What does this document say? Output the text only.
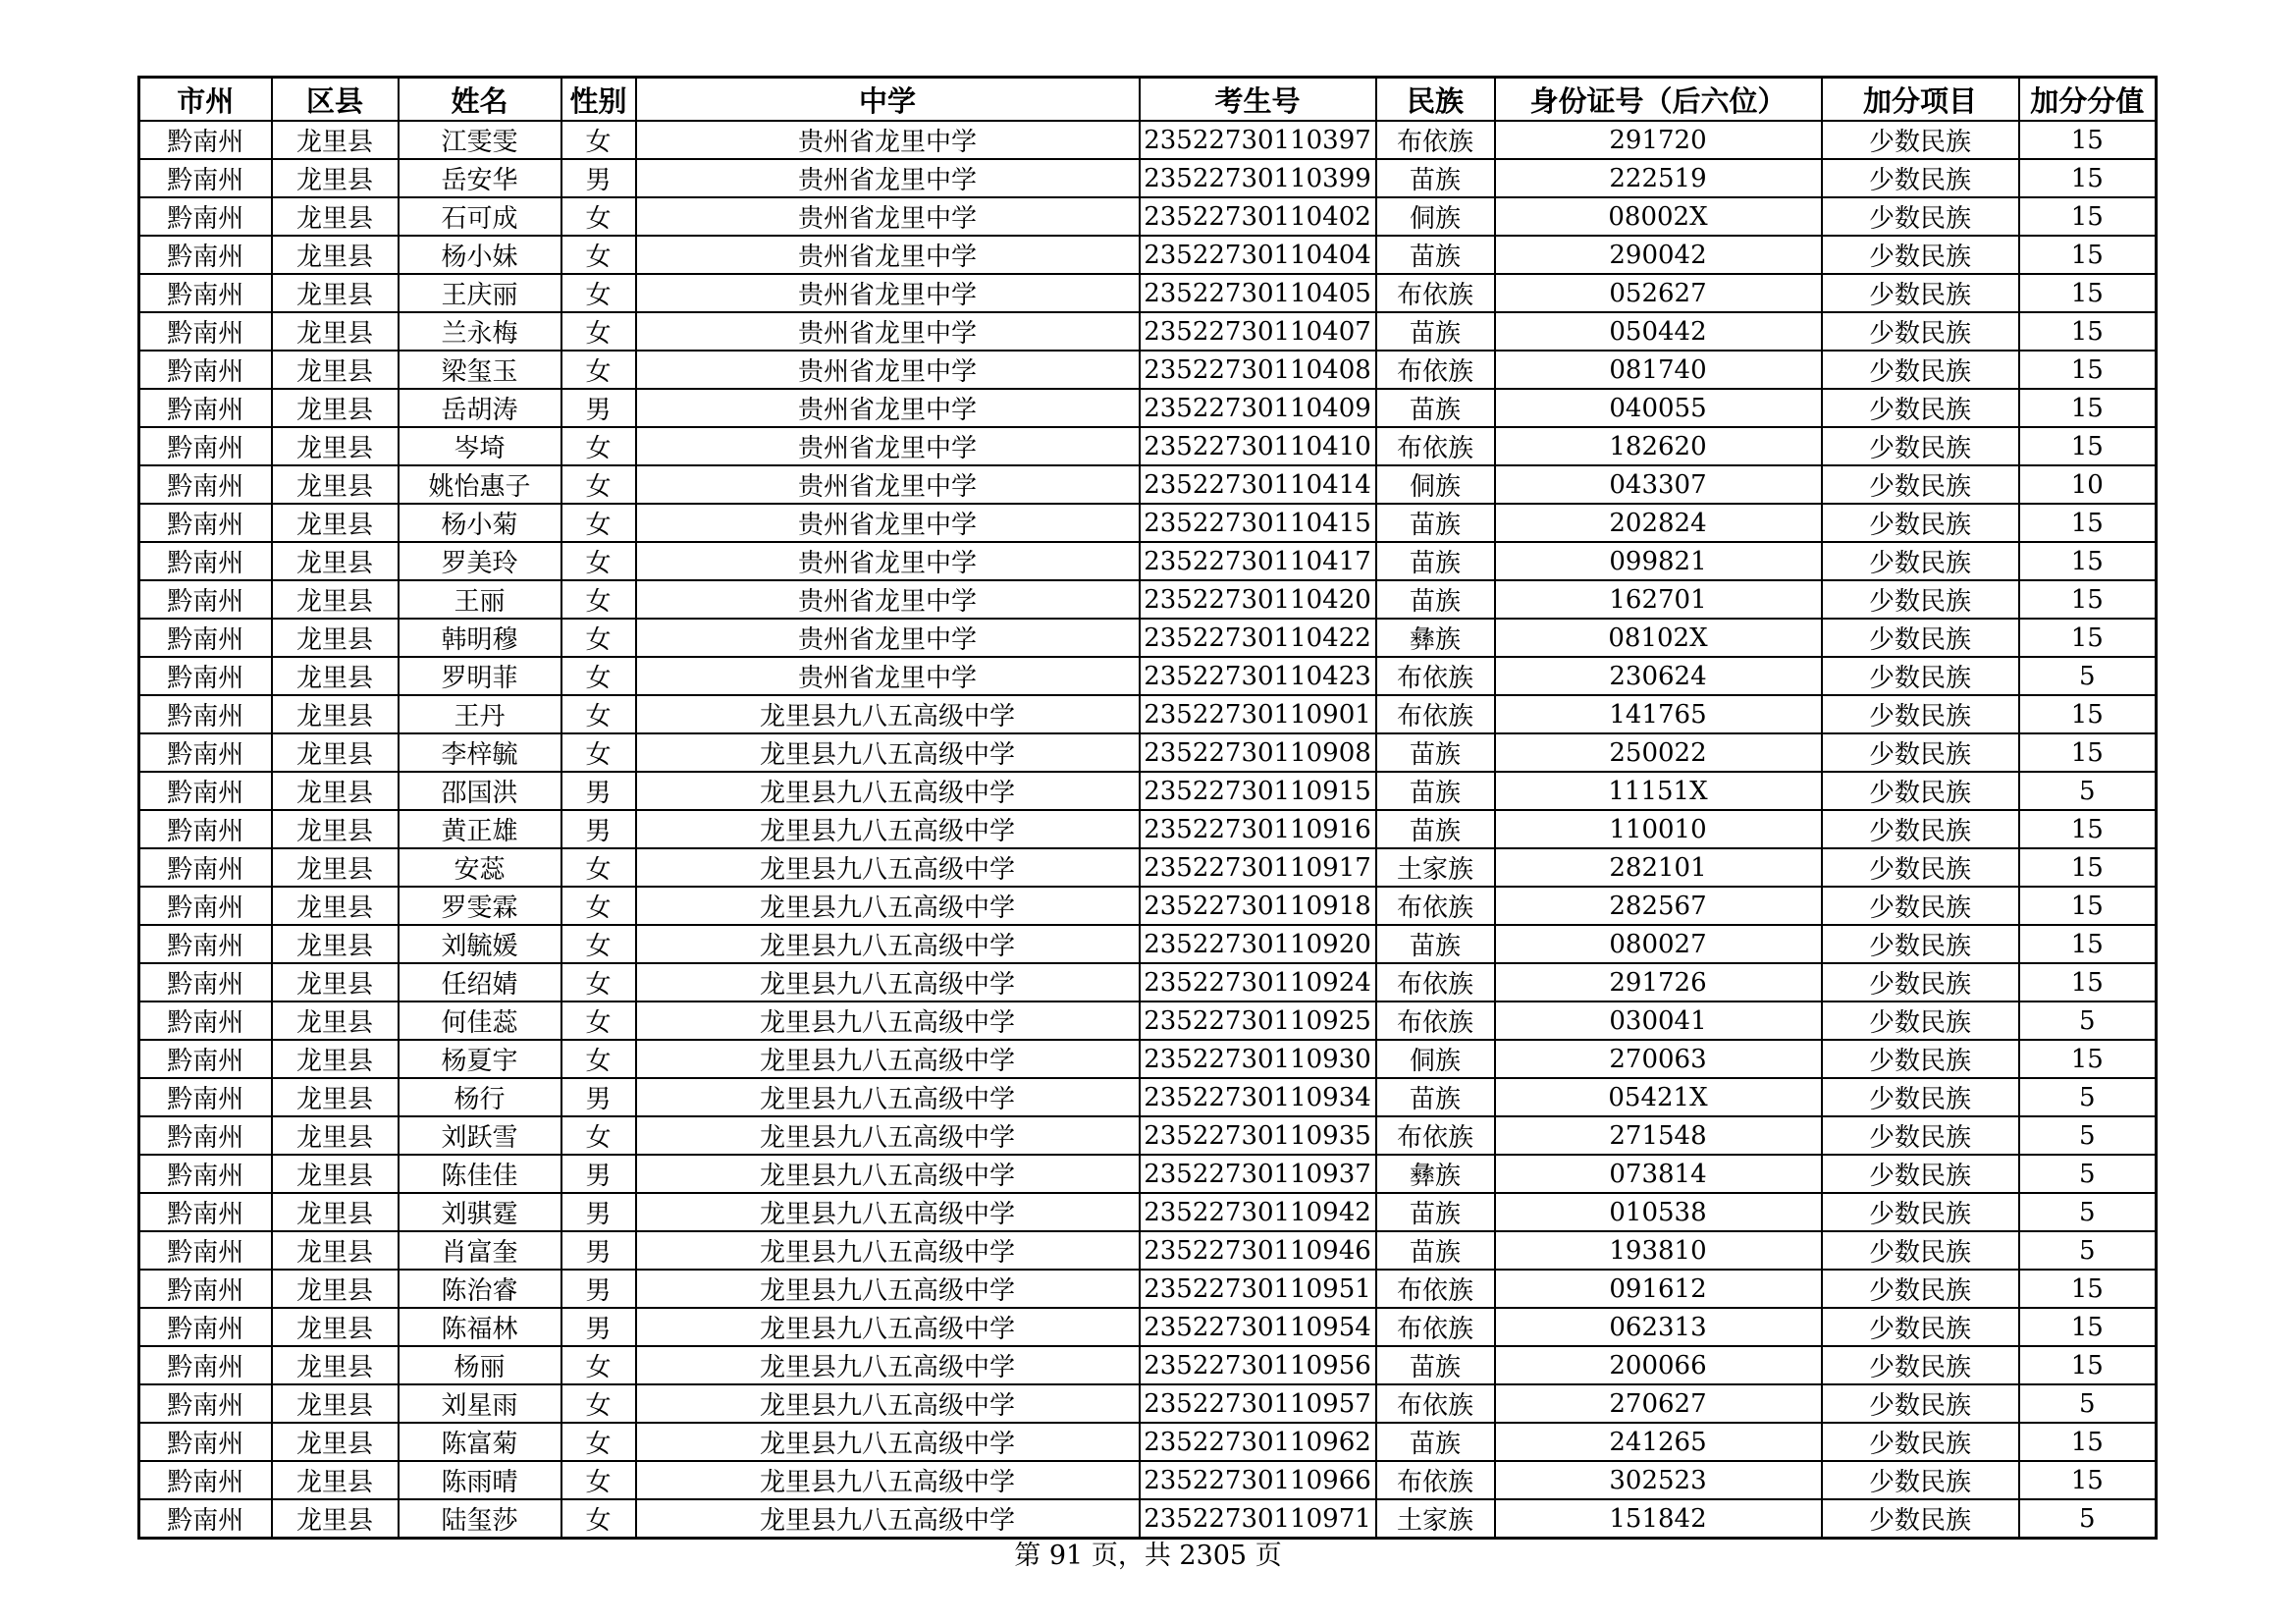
市州	区县	姓名	性别	中学	考生号	民族	身份证号（后六位）	加分项目	加分分值
黔南州	龙里县	江雯雯	女	贵州省龙里中学	23522730110397	布依族	291720	少数民族	15
黔南州	龙里县	岳安华	男	贵州省龙里中学	23522730110399	苗族	222519	少数民族	15
黔南州	龙里县	石可成	女	贵州省龙里中学	23522730110402	侗族	08002X	少数民族	15
黔南州	龙里县	杨小妹	女	贵州省龙里中学	23522730110404	苗族	290042	少数民族	15
黔南州	龙里县	王庆丽	女	贵州省龙里中学	23522730110405	布依族	052627	少数民族	15
黔南州	龙里县	兰永梅	女	贵州省龙里中学	23522730110407	苗族	050442	少数民族	15
黔南州	龙里县	梁玺玉	女	贵州省龙里中学	23522730110408	布依族	081740	少数民族	15
黔南州	龙里县	岳胡涛	男	贵州省龙里中学	23522730110409	苗族	040055	少数民族	15
黔南州	龙里县	岑埼	女	贵州省龙里中学	23522730110410	布依族	182620	少数民族	15
黔南州	龙里县	姚怡惠子	女	贵州省龙里中学	23522730110414	侗族	043307	少数民族	10
黔南州	龙里县	杨小菊	女	贵州省龙里中学	23522730110415	苗族	202824	少数民族	15
黔南州	龙里县	罗美玲	女	贵州省龙里中学	23522730110417	苗族	099821	少数民族	15
黔南州	龙里县	王丽	女	贵州省龙里中学	23522730110420	苗族	162701	少数民族	15
黔南州	龙里县	韩明穆	女	贵州省龙里中学	23522730110422	彝族	08102X	少数民族	15
黔南州	龙里县	罗明菲	女	贵州省龙里中学	23522730110423	布依族	230624	少数民族	5
黔南州	龙里县	王丹	女	龙里县九八五高级中学	23522730110901	布依族	141765	少数民族	15
黔南州	龙里县	李梓毓	女	龙里县九八五高级中学	23522730110908	苗族	250022	少数民族	15
黔南州	龙里县	邵国洪	男	龙里县九八五高级中学	23522730110915	苗族	11151X	少数民族	5
黔南州	龙里县	黄正雄	男	龙里县九八五高级中学	23522730110916	苗族	110010	少数民族	15
黔南州	龙里县	安蕊	女	龙里县九八五高级中学	23522730110917	土家族	282101	少数民族	15
黔南州	龙里县	罗雯霖	女	龙里县九八五高级中学	23522730110918	布依族	282567	少数民族	15
黔南州	龙里县	刘毓媛	女	龙里县九八五高级中学	23522730110920	苗族	080027	少数民族	15
黔南州	龙里县	任绍婧	女	龙里县九八五高级中学	23522730110924	布依族	291726	少数民族	15
黔南州	龙里县	何佳蕊	女	龙里县九八五高级中学	23522730110925	布依族	030041	少数民族	5
黔南州	龙里县	杨夏宇	女	龙里县九八五高级中学	23522730110930	侗族	270063	少数民族	15
黔南州	龙里县	杨行	男	龙里县九八五高级中学	23522730110934	苗族	05421X	少数民族	5
黔南州	龙里县	刘跃雪	女	龙里县九八五高级中学	23522730110935	布依族	271548	少数民族	5
黔南州	龙里县	陈佳佳	男	龙里县九八五高级中学	23522730110937	彝族	073814	少数民族	5
黔南州	龙里县	刘骐霆	男	龙里县九八五高级中学	23522730110942	苗族	010538	少数民族	5
黔南州	龙里县	肖富奎	男	龙里县九八五高级中学	23522730110946	苗族	193810	少数民族	5
黔南州	龙里县	陈治睿	男	龙里县九八五高级中学	23522730110951	布依族	091612	少数民族	15
黔南州	龙里县	陈福林	男	龙里县九八五高级中学	23522730110954	布依族	062313	少数民族	15
黔南州	龙里县	杨丽	女	龙里县九八五高级中学	23522730110956	苗族	200066	少数民族	15
黔南州	龙里县	刘星雨	女	龙里县九八五高级中学	23522730110957	布依族	270627	少数民族	5
黔南州	龙里县	陈富菊	女	龙里县九八五高级中学	23522730110962	苗族	241265	少数民族	15
黔南州	龙里县	陈雨晴	女	龙里县九八五高级中学	23522730110966	布依族	302523	少数民族	15
黔南州	龙里县	陆玺莎	女	龙里县九八五高级中学	23522730110971	土家族	151842	少数民族	5
第 91 页，共 2305 页
